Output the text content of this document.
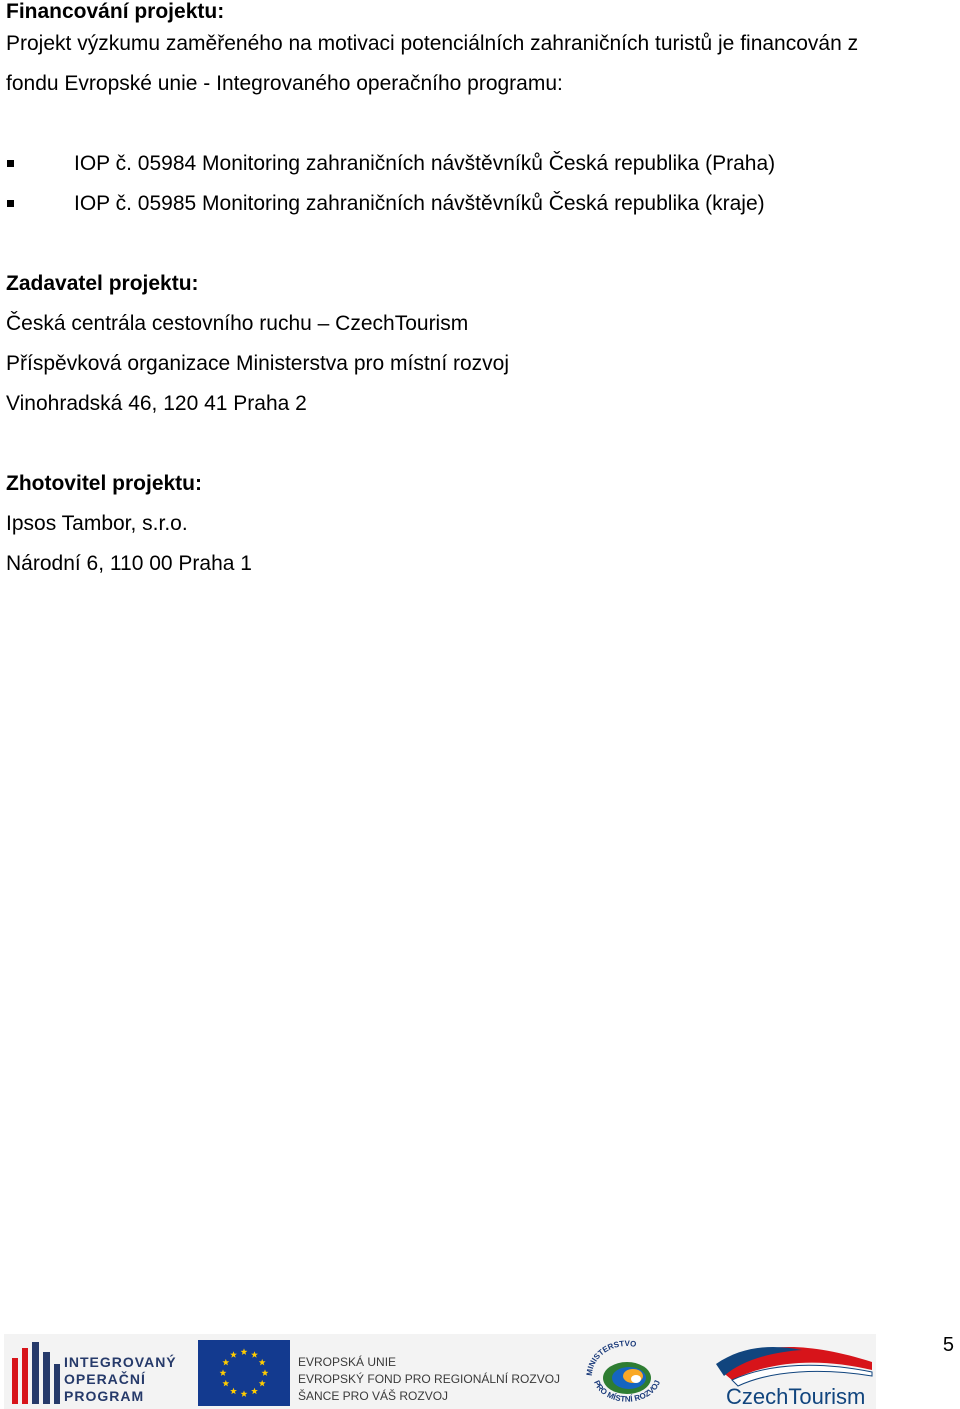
Financování projektu:
Projekt výzkumu zaměřeného na motivaci potenciálních zahraničních turistů je financován z
fondu Evropské unie - Integrovaného operačního programu:
IOP č. 05984 Monitoring zahraničních návštěvníků Česká republika (Praha)
IOP č. 05985 Monitoring zahraničních návštěvníků Česká republika (kraje)
Zadavatel projektu:
Česká centrála cestovního ruchu – CzechTourism
Příspěvková organizace Ministerstva pro místní rozvoj
Vinohradská 46, 120 41 Praha 2
Zhotovitel projektu:
Ipsos Tambor, s.r.o.
Národní 6, 110 00 Praha 1
5
INTEGROVANÝ
OPERAČNÍ
PROGRAM
EVROPSKÁ UNIE
EVROPSKÝ FOND PRO REGIONÁLNÍ ROZVOJ
ŠANCE PRO VÁŠ ROZVOJ
MINISTERSTVO
PRO MÍSTNÍ ROZVOJ
CzechTourism
